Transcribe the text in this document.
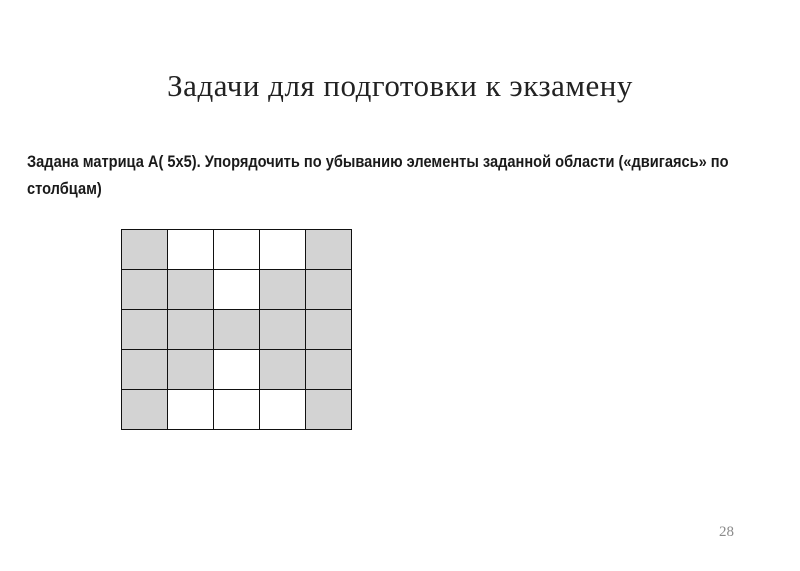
Задачи для подготовки к экзамену
Задана матрица А( 5х5). Упорядочить по убыванию элементы заданной области («двигаясь» по столбцам)
28
